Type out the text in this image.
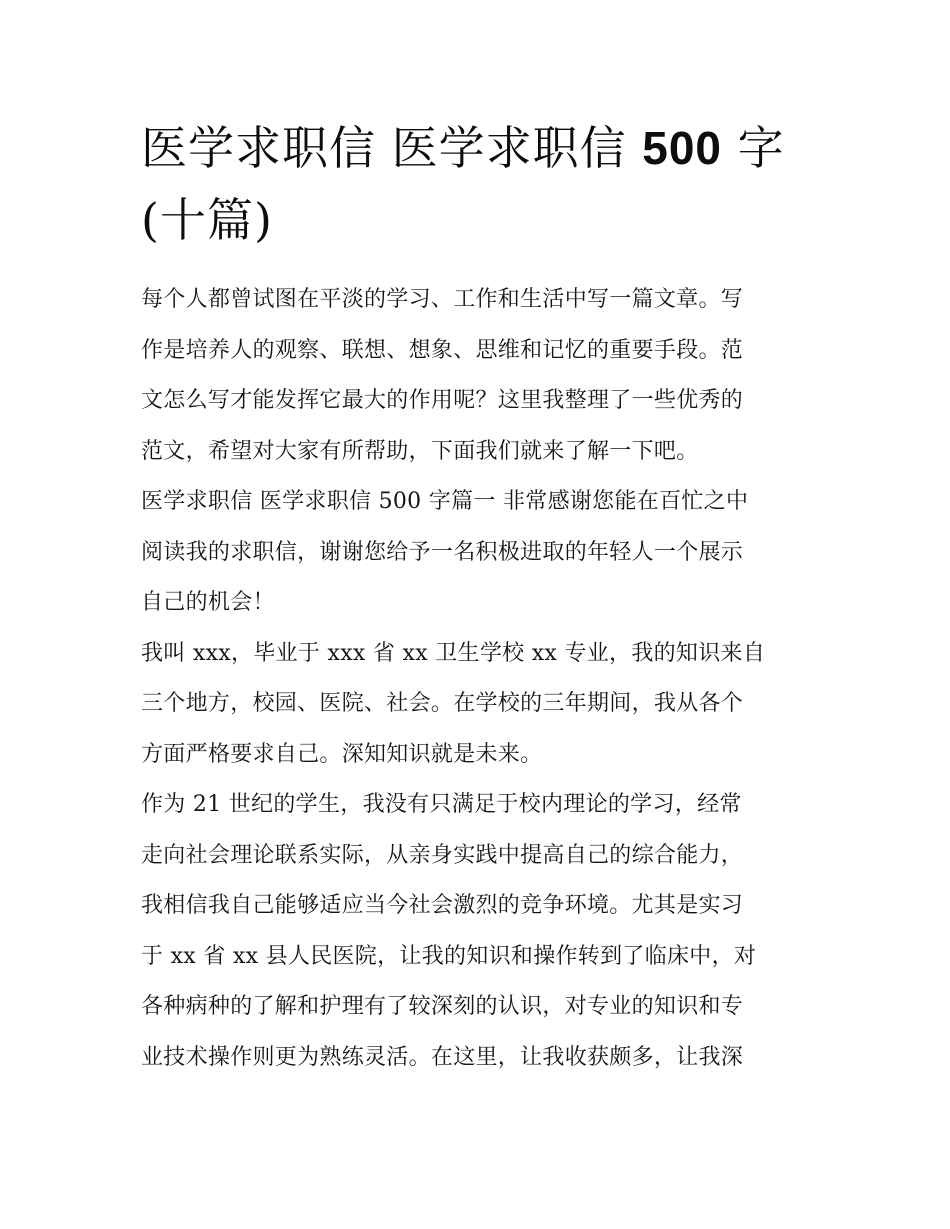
医学求职信 医学求职信 500 字
(十篇)
每个人都曾试图在平淡的学习、工作和生活中写一篇文章。写
作是培养人的观察、联想、想象、思维和记忆的重要手段。范
文怎么写才能发挥它最大的作用呢？这里我整理了一些优秀的
范文，希望对大家有所帮助，下面我们就来了解一下吧。
医学求职信 医学求职信 500 字篇一 非常感谢您能在百忙之中
阅读我的求职信，谢谢您给予一名积极进取的年轻人一个展示
自己的机会！
我叫 xxx，毕业于 xxx 省 xx 卫生学校 xx 专业，我的知识来自
三个地方，校园、医院、社会。在学校的三年期间，我从各个
方面严格要求自己。深知知识就是未来。
作为 21 世纪的学生，我没有只满足于校内理论的学习，经常
走向社会理论联系实际，从亲身实践中提高自己的综合能力，
我相信我自己能够适应当今社会激烈的竞争环境。尤其是实习
于 xx 省 xx 县人民医院，让我的知识和操作转到了临床中，对
各种病种的了解和护理有了较深刻的认识，对专业的知识和专
业技术操作则更为熟练灵活。在这里，让我收获颇多，让我深
